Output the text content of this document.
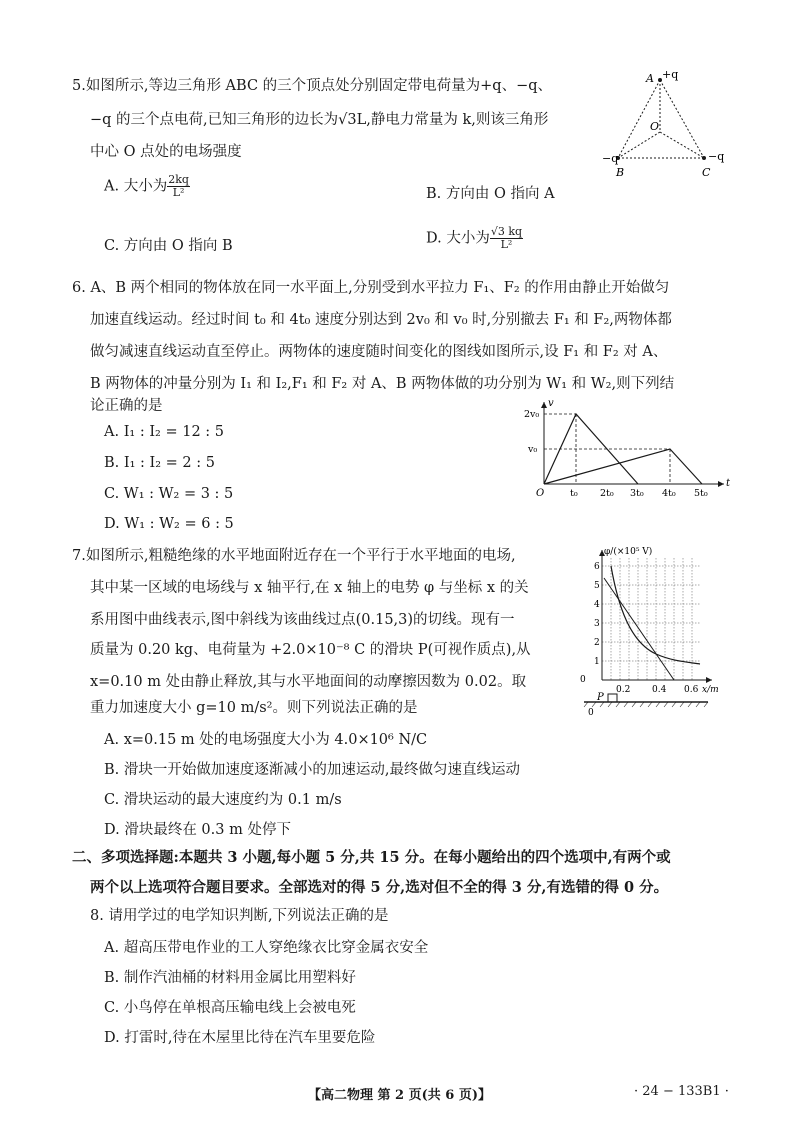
5.如图所示,等边三角形 ABC 的三个顶点处分别固定带电荷量为+q、−q、
−q 的三个点电荷,已知三角形的边长为√3L,静电力常量为 k,则该三角形
中心 O 点处的电场强度
A. 大小为 $\frac{2kq}{\text{L²}}$	B. 方向由 O 指向 A
C. 方向由 O 指向 B	D. 大小为 $\frac{√3 kq}{\text{L²}}$
A +q
O
−q
B
−q
C
6. A、B 两个相同的物体放在同一水平面上,分别受到水平拉力 F₁、F₂ 的作用由静止开始做匀
加速直线运动。经过时间 t₀ 和 4t₀ 速度分别达到 2v₀ 和 v₀ 时,分别撤去 F₁ 和 F₂,两物体都
做匀减速直线运动直至停止。两物体的速度随时间变化的图线如图所示,设 F₁ 和 F₂ 对 A、
B 两物体的冲量分别为 I₁ 和 I₂,F₁ 和 F₂ 对 A、B 两物体做的功分别为 W₁ 和 W₂,则下列结
论正确的是
A. I₁ : I₂ = 12 : 5
B. I₁ : I₂ = 2 : 5
C. W₁ : W₂ = 3 : 5
D. W₁ : W₂ = 6 : 5
v
t
O
2v₀
v₀
t₀ 2t₀ 3t₀ 4t₀ 5t₀
7.如图所示,粗糙绝缘的水平地面附近存在一个平行于水平地面的电场,
其中某一区域的电场线与 x 轴平行,在 x 轴上的电势 φ 与坐标 x 的关
系用图中曲线表示,图中斜线为该曲线过点(0.15,3)的切线。现有一
质量为 0.20 kg、电荷量为 +2.0×10⁻⁸ C 的滑块 P(可视作质点),从
x=0.10 m 处由静止释放,其与水平地面间的动摩擦因数为 0.02。取
重力加速度大小 g=10 m/s²。则下列说法正确的是
A. x=0.15 m 处的电场强度大小为 4.0×10⁶ N/C
B. 滑块一开始做加速度逐渐减小的加速运动,最终做匀速直线运动
C. 滑块运动的最大速度约为 0.1 m/s
D. 滑块最终在 0.3 m 处停下
φ/(×10⁵ V)
6
5
4
3
2
1
0
0.2 0.4 0.6 x/m
P
0
二、多项选择题:本题共 3 小题,每小题 5 分,共 15 分。在每小题给出的四个选项中,有两个或
两个以上选项符合题目要求。全部选对的得 5 分,选对但不全的得 3 分,有选错的得 0 分。
8. 请用学过的电学知识判断,下列说法正确的是
A. 超高压带电作业的工人穿绝缘衣比穿金属衣安全
B. 制作汽油桶的材料用金属比用塑料好
C. 小鸟停在单根高压输电线上会被电死
D. 打雷时,待在木屋里比待在汽车里要危险
【高二物理 第 2 页(共 6 页)】	· 24 − 133B1 ·
